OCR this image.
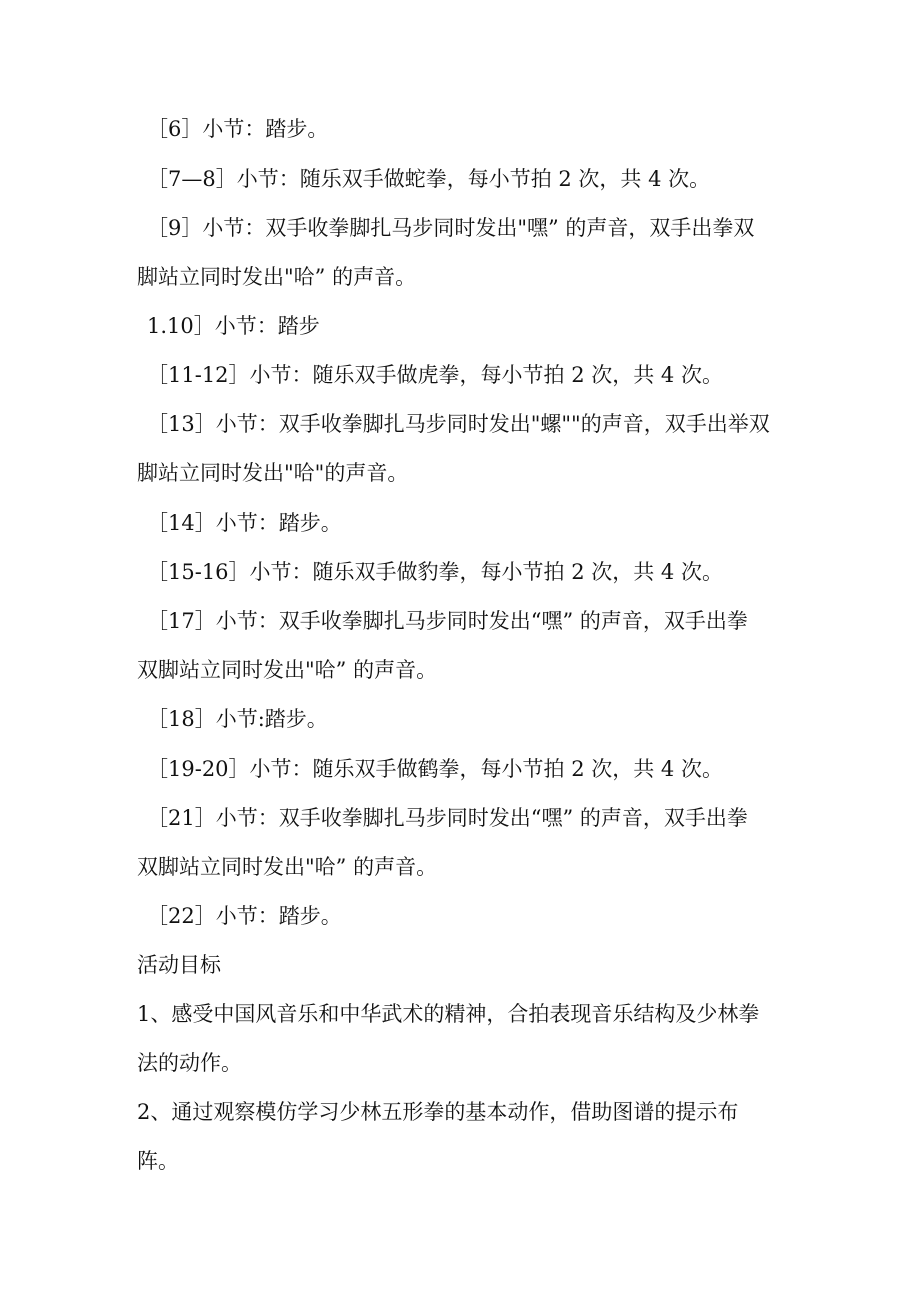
［6］小节：踏步。
［7—8］小节：随乐双手做蛇拳，每小节拍 2 次，共 4 次。
［9］小节：双手收拳脚扎马步同时发出"嘿” 的声音，双手出拳双
脚站立同时发出"哈” 的声音。
1.10］小节：踏步
［11-12］小节：随乐双手做虎拳，每小节拍 2 次，共 4 次。
［13］小节：双手收拳脚扎马步同时发出"螺""的声音，双手出举双
脚站立同时发出"哈"的声音。
［14］小节：踏步。
［15-16］小节：随乐双手做豹拳，每小节拍 2 次，共 4 次。
［17］小节：双手收拳脚扎马步同时发出“嘿” 的声音，双手出拳
双脚站立同时发出"哈” 的声音。
［18］小节:踏步。
［19-20］小节：随乐双手做鹤拳，每小节拍 2 次，共 4 次。
［21］小节：双手收拳脚扎马步同时发出“嘿” 的声音，双手出拳
双脚站立同时发出"哈” 的声音。
［22］小节：踏步。
活动目标
1、感受中国风音乐和中华武术的精神，合拍表现音乐结构及少林拳
法的动作。
2、通过观察模仿学习少林五形拳的基本动作，借助图谱的提示布
阵。
